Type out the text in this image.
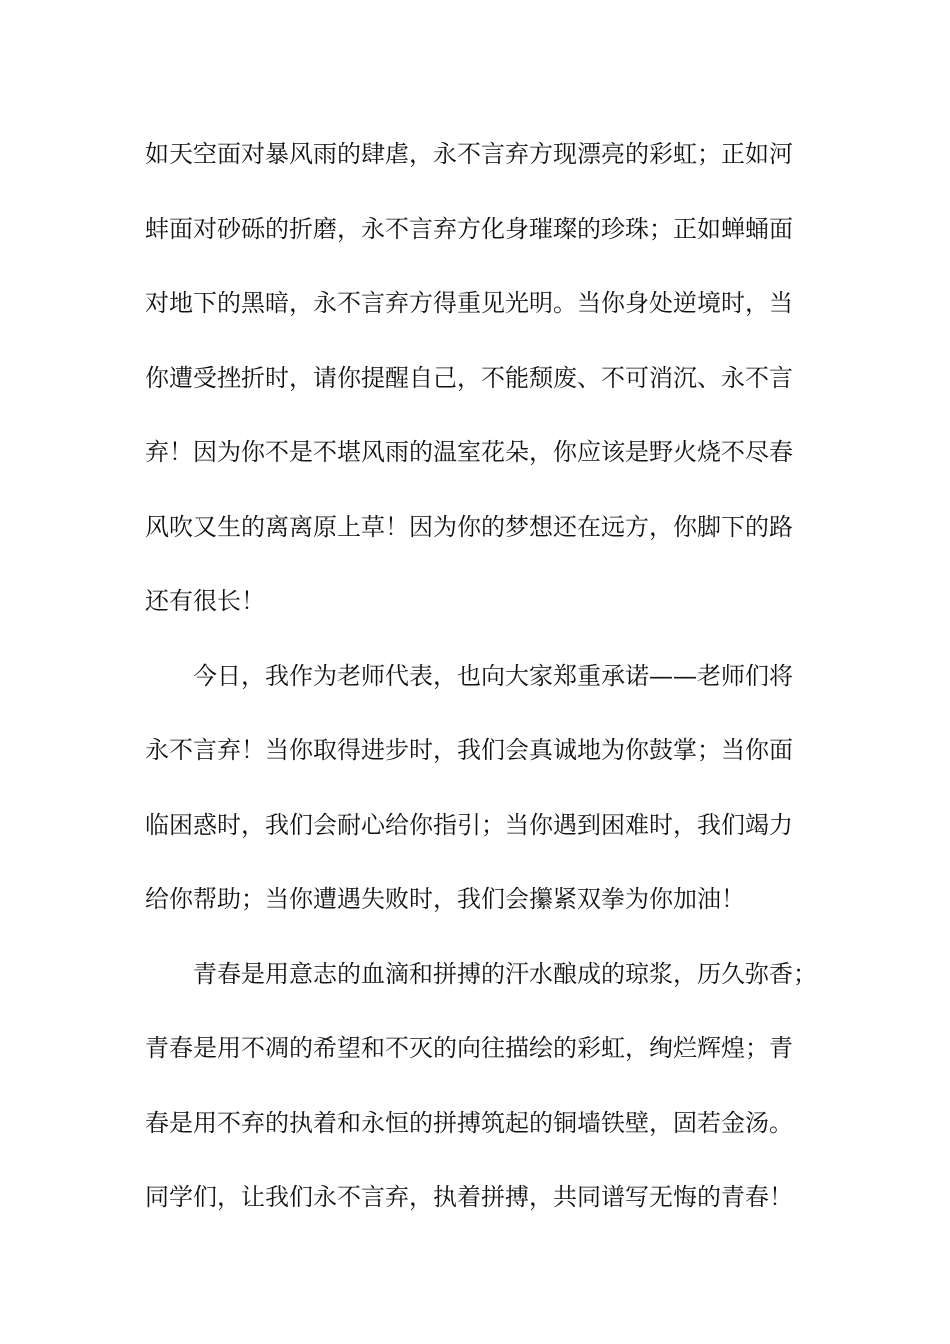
如天空面对暴风雨的肆虐，永不言弃方现漂亮的彩虹；正如河
蚌面对砂砾的折磨，永不言弃方化身璀璨的珍珠；正如蝉蛹面
对地下的黑暗，永不言弃方得重见光明。当你身处逆境时，当
你遭受挫折时，请你提醒自己，不能颓废、不可消沉、永不言
弃！因为你不是不堪风雨的温室花朵，你应该是野火烧不尽春
风吹又生的离离原上草！因为你的梦想还在远方，你脚下的路
还有很长！
今日，我作为老师代表，也向大家郑重承诺——老师们将
永不言弃！当你取得进步时，我们会真诚地为你鼓掌；当你面
临困惑时，我们会耐心给你指引；当你遇到困难时，我们竭力
给你帮助；当你遭遇失败时，我们会攥紧双拳为你加油！
青春是用意志的血滴和拼搏的汗水酿成的琼浆，历久弥香；
青春是用不凋的希望和不灭的向往描绘的彩虹，绚烂辉煌；青
春是用不弃的执着和永恒的拼搏筑起的铜墙铁壁，固若金汤。
同学们，让我们永不言弃，执着拼搏，共同谱写无悔的青春！
